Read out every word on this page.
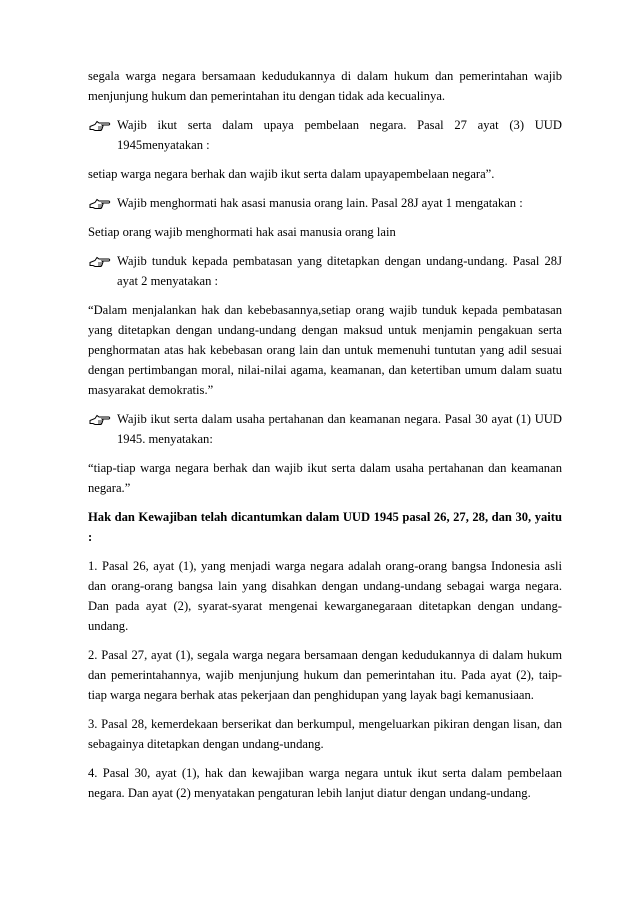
segala warga negara bersamaan kedudukannya di dalam hukum dan pemerintahan wajib menjunjung hukum dan pemerintahan itu dengan tidak ada kecualinya.

Wajib ikut serta dalam upaya pembelaan negara. Pasal 27 ayat (3) UUD 1945menyatakan :

setiap warga negara berhak dan wajib ikut serta dalam upayapembelaan negara”.

Wajib menghormati hak asasi manusia orang lain. Pasal 28J ayat 1 mengatakan :

Setiap orang wajib menghormati hak asai manusia orang lain

Wajib tunduk kepada pembatasan yang ditetapkan dengan undang-undang. Pasal 28J ayat 2 menyatakan :

“Dalam menjalankan hak dan kebebasannya,setiap orang wajib tunduk kepada pembatasan yang ditetapkan dengan undang-undang dengan maksud untuk menjamin pengakuan serta penghormatan atas hak kebebasan orang lain dan untuk memenuhi tuntutan yang adil sesuai dengan pertimbangan moral, nilai-nilai agama, keamanan, dan ketertiban umum dalam suatu masyarakat demokratis.”

Wajib ikut serta dalam usaha pertahanan dan keamanan negara. Pasal 30 ayat (1) UUD 1945. menyatakan:

“tiap-tiap warga negara berhak dan wajib ikut serta dalam usaha pertahanan dan keamanan negara.”

Hak dan Kewajiban telah dicantumkan dalam UUD 1945 pasal 26, 27, 28, dan 30, yaitu :

1. Pasal 26, ayat (1), yang menjadi warga negara adalah orang-orang bangsa Indonesia asli dan orang-orang bangsa lain yang disahkan dengan undang-undang sebagai warga negara. Dan pada ayat (2), syarat-syarat mengenai kewarganegaraan ditetapkan dengan undang-undang.

2. Pasal 27, ayat (1), segala warga negara bersamaan dengan kedudukannya di dalam hukum dan pemerintahannya, wajib menjunjung hukum dan pemerintahan itu. Pada ayat (2), taip-tiap warga negara berhak atas pekerjaan dan penghidupan yang layak bagi kemanusiaan.

3. Pasal 28, kemerdekaan berserikat dan berkumpul, mengeluarkan pikiran dengan lisan, dan sebagainya ditetapkan dengan undang-undang.

4. Pasal 30, ayat (1), hak dan kewajiban warga negara untuk ikut serta dalam pembelaan negara. Dan ayat (2) menyatakan pengaturan lebih lanjut diatur dengan undang-undang.
